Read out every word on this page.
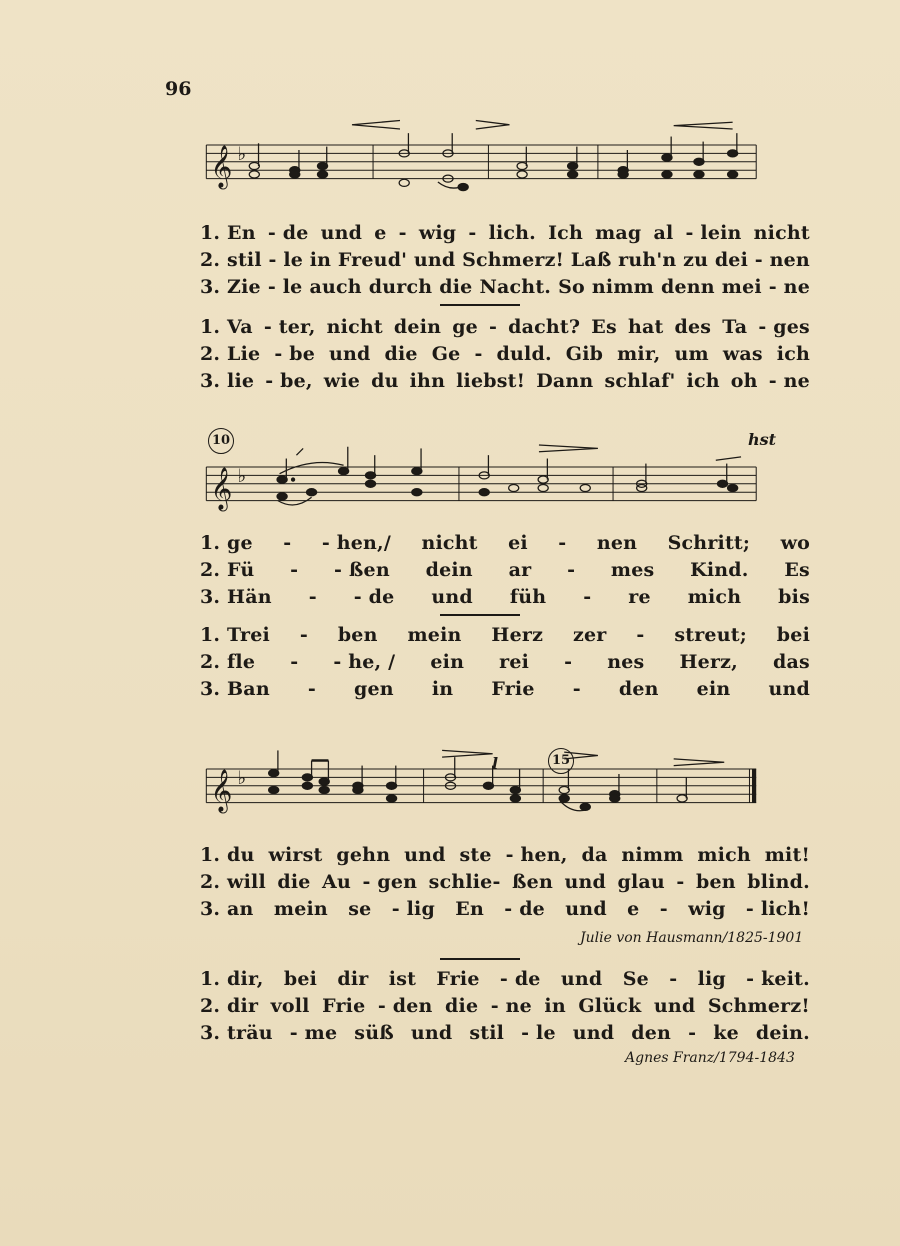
96
𝄞 ♭
1. En - de und e - wig - lich. Ich mag al - lein nicht
2. stil - le in Freud' und Schmerz! Laß ruh'n zu dei - nen
3. Zie - le auch durch die Nacht. So nimm denn mei - ne
1. Va - ter, nicht dein ge - dacht? Es hat des Ta - ges
2. Lie - be und die Ge - duld. Gib mir, um was ich
3. lie - be, wie du ihn liebst! Dann schlaf' ich oh - ne
10	hst
𝄞 ♭
1. ge - - hen,/ nicht ei - nen Schritt; wo
2. Fü - - ßen dein ar - mes Kind. Es
3. Hän - - de und füh - re mich bis
1. Trei - ben mein Herz zer - streut; bei
2. fle - - he, / ein rei - nes Herz, das
3. Ban - gen in Frie - den ein und
15
l
𝄞 ♭
1. du wirst gehn und ste - hen, da nimm mich mit!
2. will die Au - gen schlie- ßen und glau - ben blind.
3. an mein se - lig En - de und e - wig - lich!
Julie von Hausmann/1825-1901
1. dir, bei dir ist Frie - de und Se - lig - keit.
2. dir voll Frie - den die - ne in Glück und Schmerz!
3. träu - me süß und stil - le und den - ke dein.
Agnes Franz/1794-1843
